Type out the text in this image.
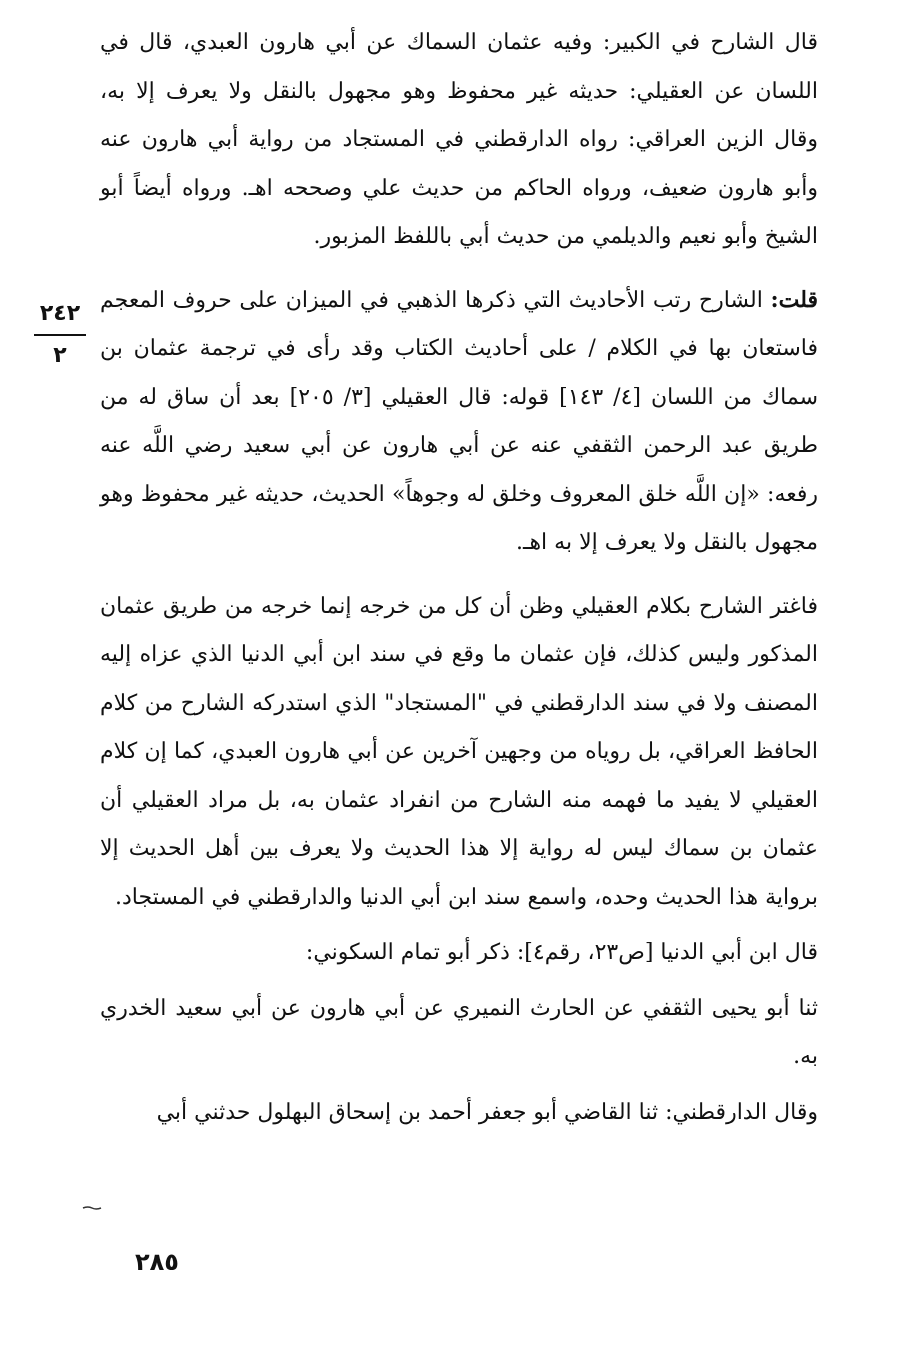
قال الشارح في الكبير: وفيه عثمان السماك عن أبي هارون العبدي، قال في اللسان عن العقيلي: حديثه غير محفوظ وهو مجهول بالنقل ولا يعرف إلا به، وقال الزين العراقي: رواه الدارقطني في المستجاد من رواية أبي هارون عنه وأبو هارون ضعيف، ورواه الحاكم من حديث علي وصححه اهـ. ورواه أيضاً أبو الشيخ وأبو نعيم والديلمي من حديث أبي باللفظ المزبور.

قلت: الشارح رتب الأحاديث التي ذكرها الذهبي في الميزان على حروف المعجم فاستعان بها في الكلام / على أحاديث الكتاب وقد رأى في ترجمة عثمان بن سماك من اللسان [٤/ ١٤٣] قوله: قال العقيلي [٣/ ٢٠٥] بعد أن ساق له من طريق عبد الرحمن الثقفي عنه عن أبي هارون عن أبي سعيد رضي اللَّه عنه رفعه: «إن اللَّه خلق المعروف وخلق له وجوهاً» الحديث، حديثه غير محفوظ وهو مجهول بالنقل ولا يعرف إلا به اهـ.

فاغتر الشارح بكلام العقيلي وظن أن كل من خرجه إنما خرجه من طريق عثمان المذكور وليس كذلك، فإن عثمان ما وقع في سند ابن أبي الدنيا الذي عزاه إليه المصنف ولا في سند الدارقطني في "المستجاد" الذي استدركه الشارح من كلام الحافظ العراقي، بل روياه من وجهين آخرين عن أبي هارون العبدي، كما إن كلام العقيلي لا يفيد ما فهمه منه الشارح من انفراد عثمان به، بل مراد العقيلي أن عثمان بن سماك ليس له رواية إلا هذا الحديث ولا يعرف بين أهل الحديث إلا برواية هذا الحديث وحده، واسمع سند ابن أبي الدنيا والدارقطني في المستجاد.

قال ابن أبي الدنيا [ص٢٣، رقم٤]: ذكر أبو تمام السكوني:

ثنا أبو يحيى الثقفي عن الحارث النميري عن أبي هارون عن أبي سعيد الخدري به.

وقال الدارقطني: ثنا القاضي أبو جعفر أحمد بن إسحاق البهلول حدثني أبي

٢٤٢
٢
٢٨٥
